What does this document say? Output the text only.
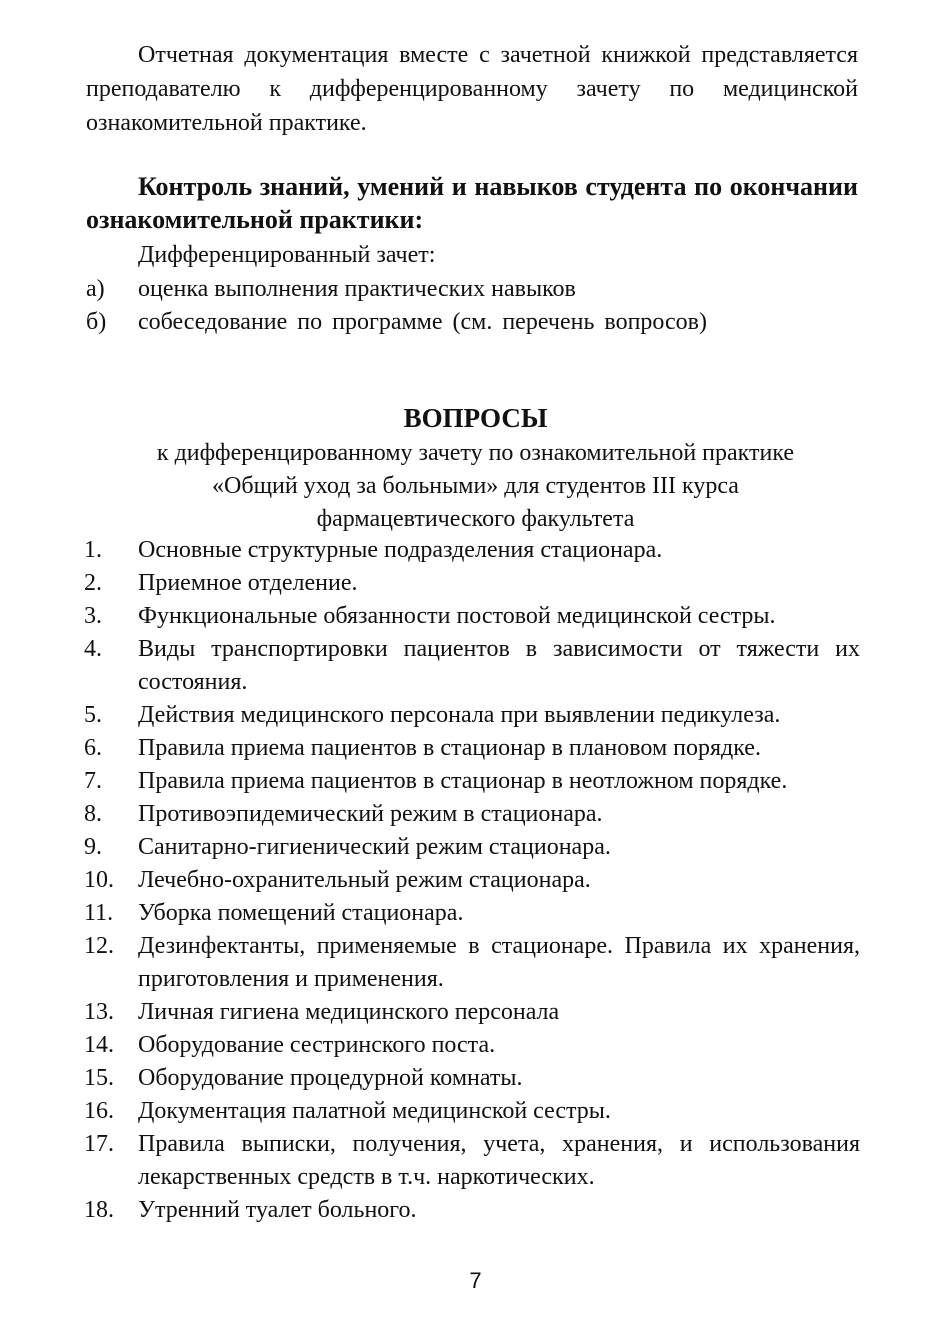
Отчетная документация вместе с зачетной книжкой представляется преподавателю к дифференцированному зачету по медицинской ознакомительной практике.

Контроль знаний, умений и навыков студента по окончании ознакомительной практики:

Дифференцированный зачет:
а) оценка выполнения практических навыков
б) собеседование по программе (см. перечень вопросов)
ВОПРОСЫ
к дифференцированному зачету по ознакомительной практике
«Общий уход за больными» для студентов III курса
фармацевтического факультета
1.	Основные структурные подразделения стационара.
2.	Приемное отделение.
3.	Функциональные обязанности постовой медицинской сестры.
4.	Виды транспортировки пациентов в зависимости от тяжести их состояния.
5.	Действия медицинского персонала при выявлении педикулеза.
6.	Правила приема пациентов в стационар в плановом порядке.
7.	Правила приема пациентов в стационар в неотложном порядке.
8.	Противоэпидемический режим в стационара.
9.	Санитарно-гигиенический режим стационара.
10.	Лечебно-охранительный режим стационара.
11.	Уборка помещений стационара.
12.	Дезинфектанты, применяемые в стационаре. Правила их хранения, приготовления и применения.
13.	Личная гигиена медицинского персонала
14.	Оборудование сестринского поста.
15.	Оборудование процедурной комнаты.
16.	Документация палатной медицинской сестры.
17.	Правила выписки, получения, учета, хранения, и использования лекарственных средств в т.ч. наркотических.
18.	Утренний туалет больного.
7
